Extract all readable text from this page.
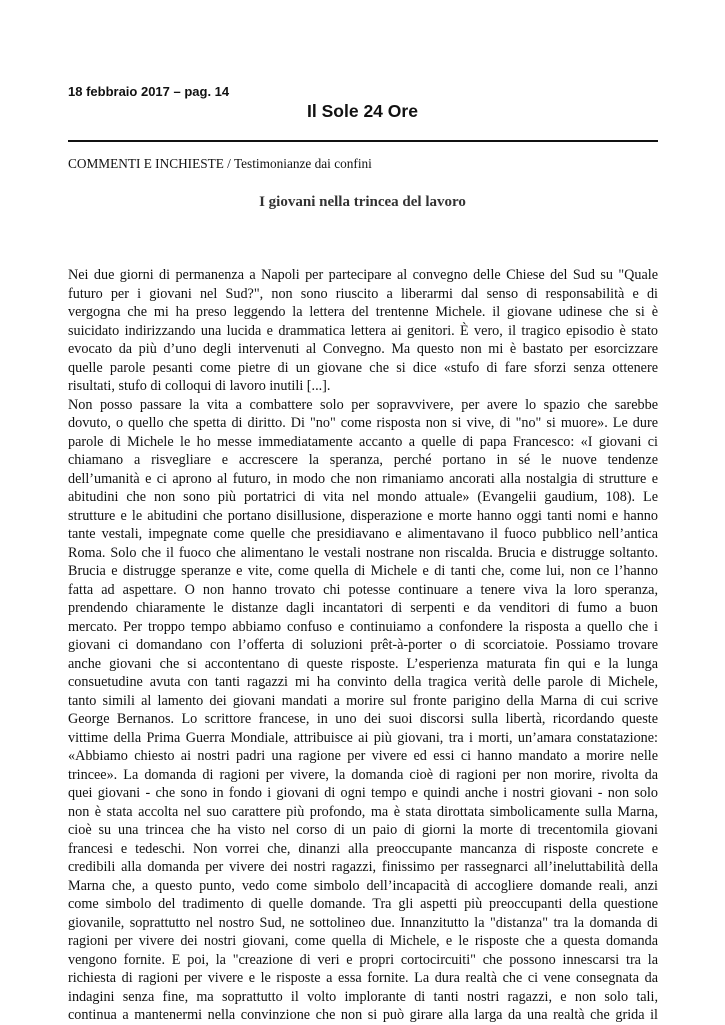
18 febbraio 2017 – pag. 14
Il Sole 24 Ore
COMMENTI E INCHIESTE / Testimonianze dai confini
I giovani nella trincea del lavoro
Nei due giorni di permanenza a Napoli per partecipare al convegno delle Chiese del Sud su "Quale
futuro per i giovani nel Sud?", non sono riuscito a liberarmi dal senso di responsabilità e di
vergogna che mi ha preso leggendo la lettera del trentenne Michele. il giovane udinese che si è
suicidato indirizzando una lucida e drammatica lettera ai genitori. È vero, il tragico episodio è stato
evocato da più d’uno degli intervenuti al Convegno. Ma questo non mi è bastato per esorcizzare
quelle parole pesanti come pietre di un giovane che si dice «stufo di fare sforzi senza ottenere
risultati, stufo di colloqui di lavoro inutili [...].
Non posso passare la vita a combattere solo per sopravvivere, per avere lo spazio che sarebbe
dovuto, o quello che spetta di diritto. Di "no" come risposta non si vive, di "no" si muore». Le dure
parole di Michele le ho messe immediatamente accanto a quelle di papa Francesco: «I giovani ci
chiamano a risvegliare e accrescere la speranza, perché portano in sé le nuove tendenze
dell’umanità e ci aprono al futuro, in modo che non rimaniamo ancorati alla nostalgia di strutture e
abitudini che non sono più portatrici di vita nel mondo attuale» (Evangelii gaudium, 108). Le
strutture e le abitudini che portano disillusione, disperazione e morte hanno oggi tanti nomi e hanno
tante vestali, impegnate come quelle che presidiavano e alimentavano il fuoco pubblico nell’antica
Roma. Solo che il fuoco che alimentano le vestali nostrane non riscalda. Brucia e distrugge soltanto.
Brucia e distrugge speranze e vite, come quella di Michele e di tanti che, come lui, non ce l’hanno
fatta ad aspettare. O non hanno trovato chi potesse continuare a tenere viva la loro speranza,
prendendo chiaramente le distanze dagli incantatori di serpenti e da venditori di fumo a buon
mercato. Per troppo tempo abbiamo confuso e continuiamo a confondere la risposta a quello che i
giovani ci domandano con l’offerta di soluzioni prêt-à-porter o di scorciatoie. Possiamo trovare
anche giovani che si accontentano di queste risposte. L’esperienza maturata fin qui e la lunga
consuetudine avuta con tanti ragazzi mi ha convinto della tragica verità delle parole di Michele,
tanto simili al lamento dei giovani mandati a morire sul fronte parigino della Marna di cui scrive
George Bernanos. Lo scrittore francese, in uno dei suoi discorsi sulla libertà, ricordando queste
vittime della Prima Guerra Mondiale, attribuisce ai più giovani, tra i morti, un’amara constatazione:
«Abbiamo chiesto ai nostri padri una ragione per vivere ed essi ci hanno mandato a morire nelle
trincee». La domanda di ragioni per vivere, la domanda cioè di ragioni per non morire, rivolta da
quei giovani - che sono in fondo i giovani di ogni tempo e quindi anche i nostri giovani - non solo
non è stata accolta nel suo carattere più profondo, ma è stata dirottata simbolicamente sulla Marna,
cioè su una trincea che ha visto nel corso di un paio di giorni la morte di trecentomila giovani
francesi e tedeschi. Non vorrei che, dinanzi alla preoccupante mancanza di risposte concrete e
credibili alla domanda per vivere dei nostri ragazzi, finissimo per rassegnarci all’ineluttabilità della
Marna che, a questo punto, vedo come simbolo dell’incapacità di accogliere domande reali, anzi
come simbolo del tradimento di quelle domande. Tra gli aspetti più preoccupanti della questione
giovanile, soprattutto nel nostro Sud, ne sottolineo due. Innanzitutto la "distanza" tra la domanda di
ragioni per vivere dei nostri giovani, come quella di Michele, e le risposte che a questa domanda
vengono fornite. E poi, la "creazione di veri e propri cortocircuiti" che possono innescarsi tra la
richiesta di ragioni per vivere e le risposte a essa fornite. La dura realtà che ci vene consegnata da
indagini senza fine, ma soprattutto il volto implorante di tanti nostri ragazzi, e non solo tali,
continua a mantenermi nella convinzione che non si può girare alla larga da una realtà che grida il
